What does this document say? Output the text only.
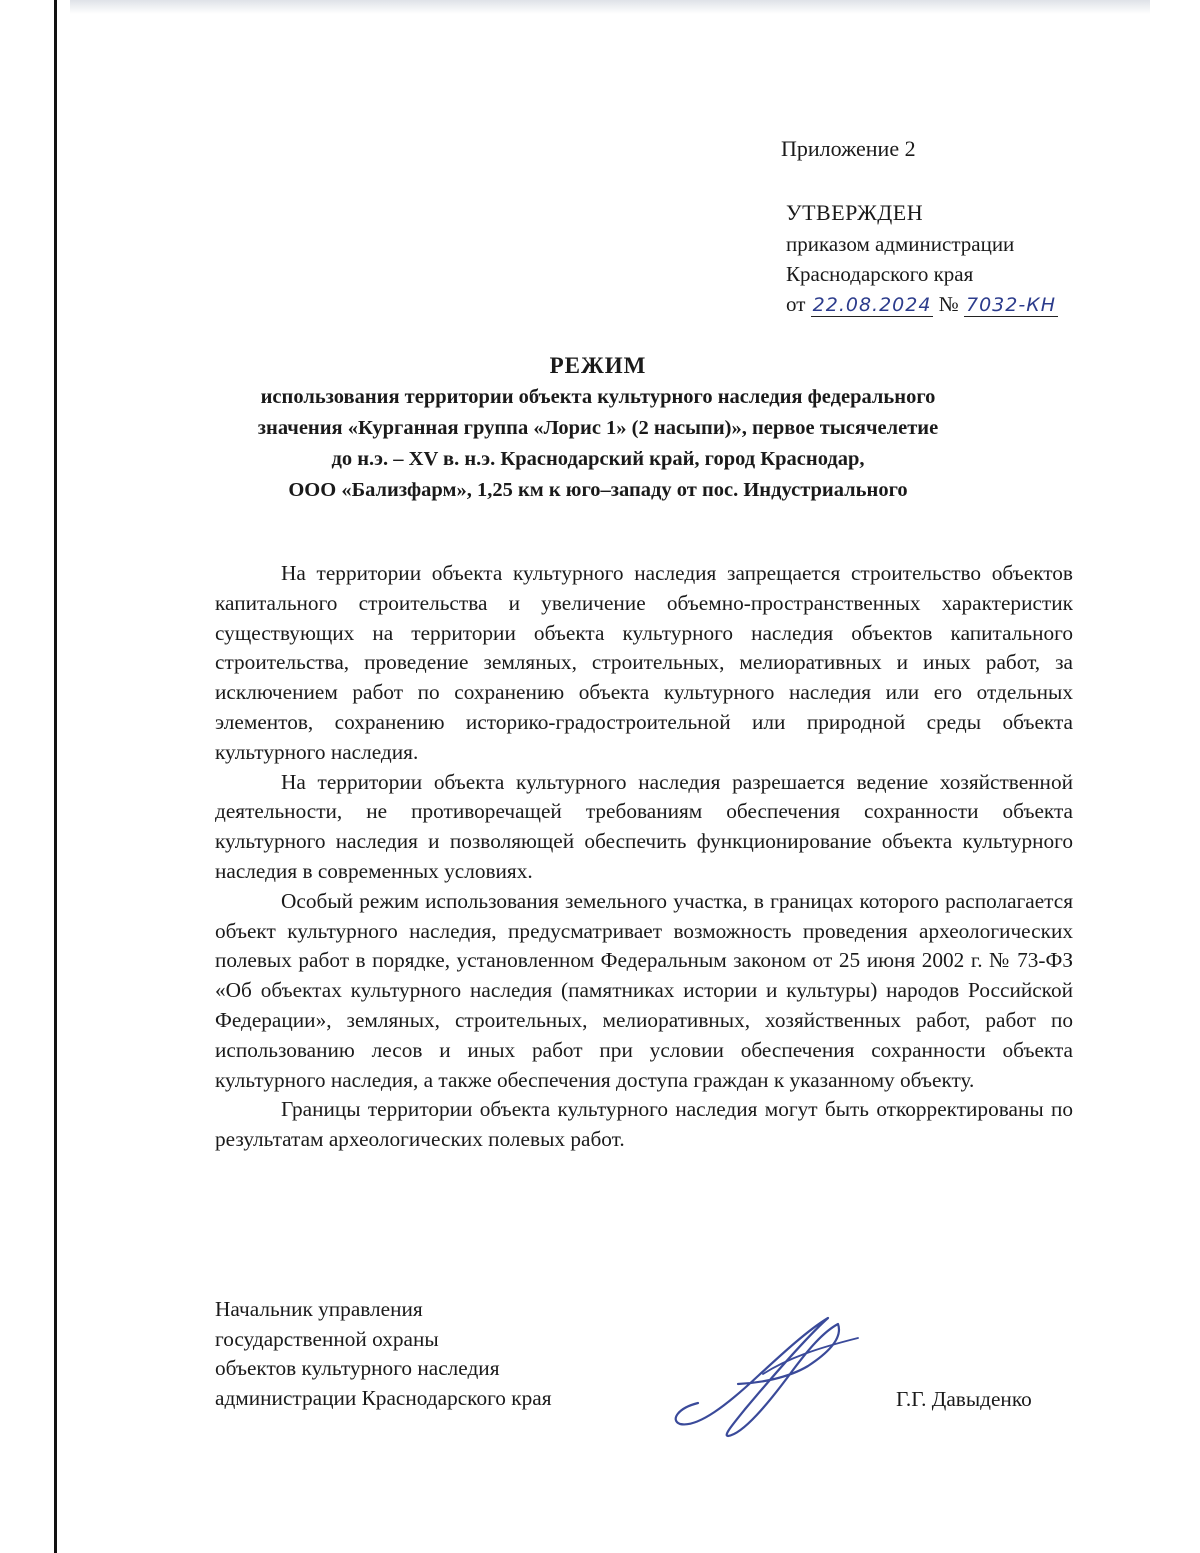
Приложение 2
УТВЕРЖДЕН
приказом администрации
Краснодарского края
от 22.08.2024 № 7032-КН
РЕЖИМ
использования территории объекта культурного наследия федерального
значения «Курганная группа «Лорис 1» (2 насыпи)», первое тысячелетие
до н.э. – XV в. н.э. Краснодарский край, город Краснодар,
ООО «Бализфарм», 1,25 км к юго–западу от пос. Индустриального

На территории объекта культурного наследия запрещается строительство объектов капитального строительства и увеличение объемно-пространственных характеристик существующих на территории объекта культурного наследия объектов капитального строительства, проведение земляных, строительных, мелиоративных и иных работ, за исключением работ по сохранению объекта культурного наследия или его отдельных элементов, сохранению историко-градостроительной или природной среды объекта культурного наследия.

На территории объекта культурного наследия разрешается ведение хозяйственной деятельности, не противоречащей требованиям обеспечения сохранности объекта культурного наследия и позволяющей обеспечить функционирование объекта культурного наследия в современных условиях.

Особый режим использования земельного участка, в границах которого располагается объект культурного наследия, предусматривает возможность проведения археологических полевых работ в порядке, установленном Федеральным законом от 25 июня 2002 г. № 73-ФЗ «Об объектах культурного наследия (памятниках истории и культуры) народов Российской Федерации», земляных, строительных, мелиоративных, хозяйственных работ, работ по использованию лесов и иных работ при условии обеспечения сохранности объекта культурного наследия, а также обеспечения доступа граждан к указанному объекту.

Границы территории объекта культурного наследия могут быть откорректированы по результатам археологических полевых работ.

Начальник управления
государственной охраны
объектов культурного наследия
администрации Краснодарского края	Г.Г. Давыденко
